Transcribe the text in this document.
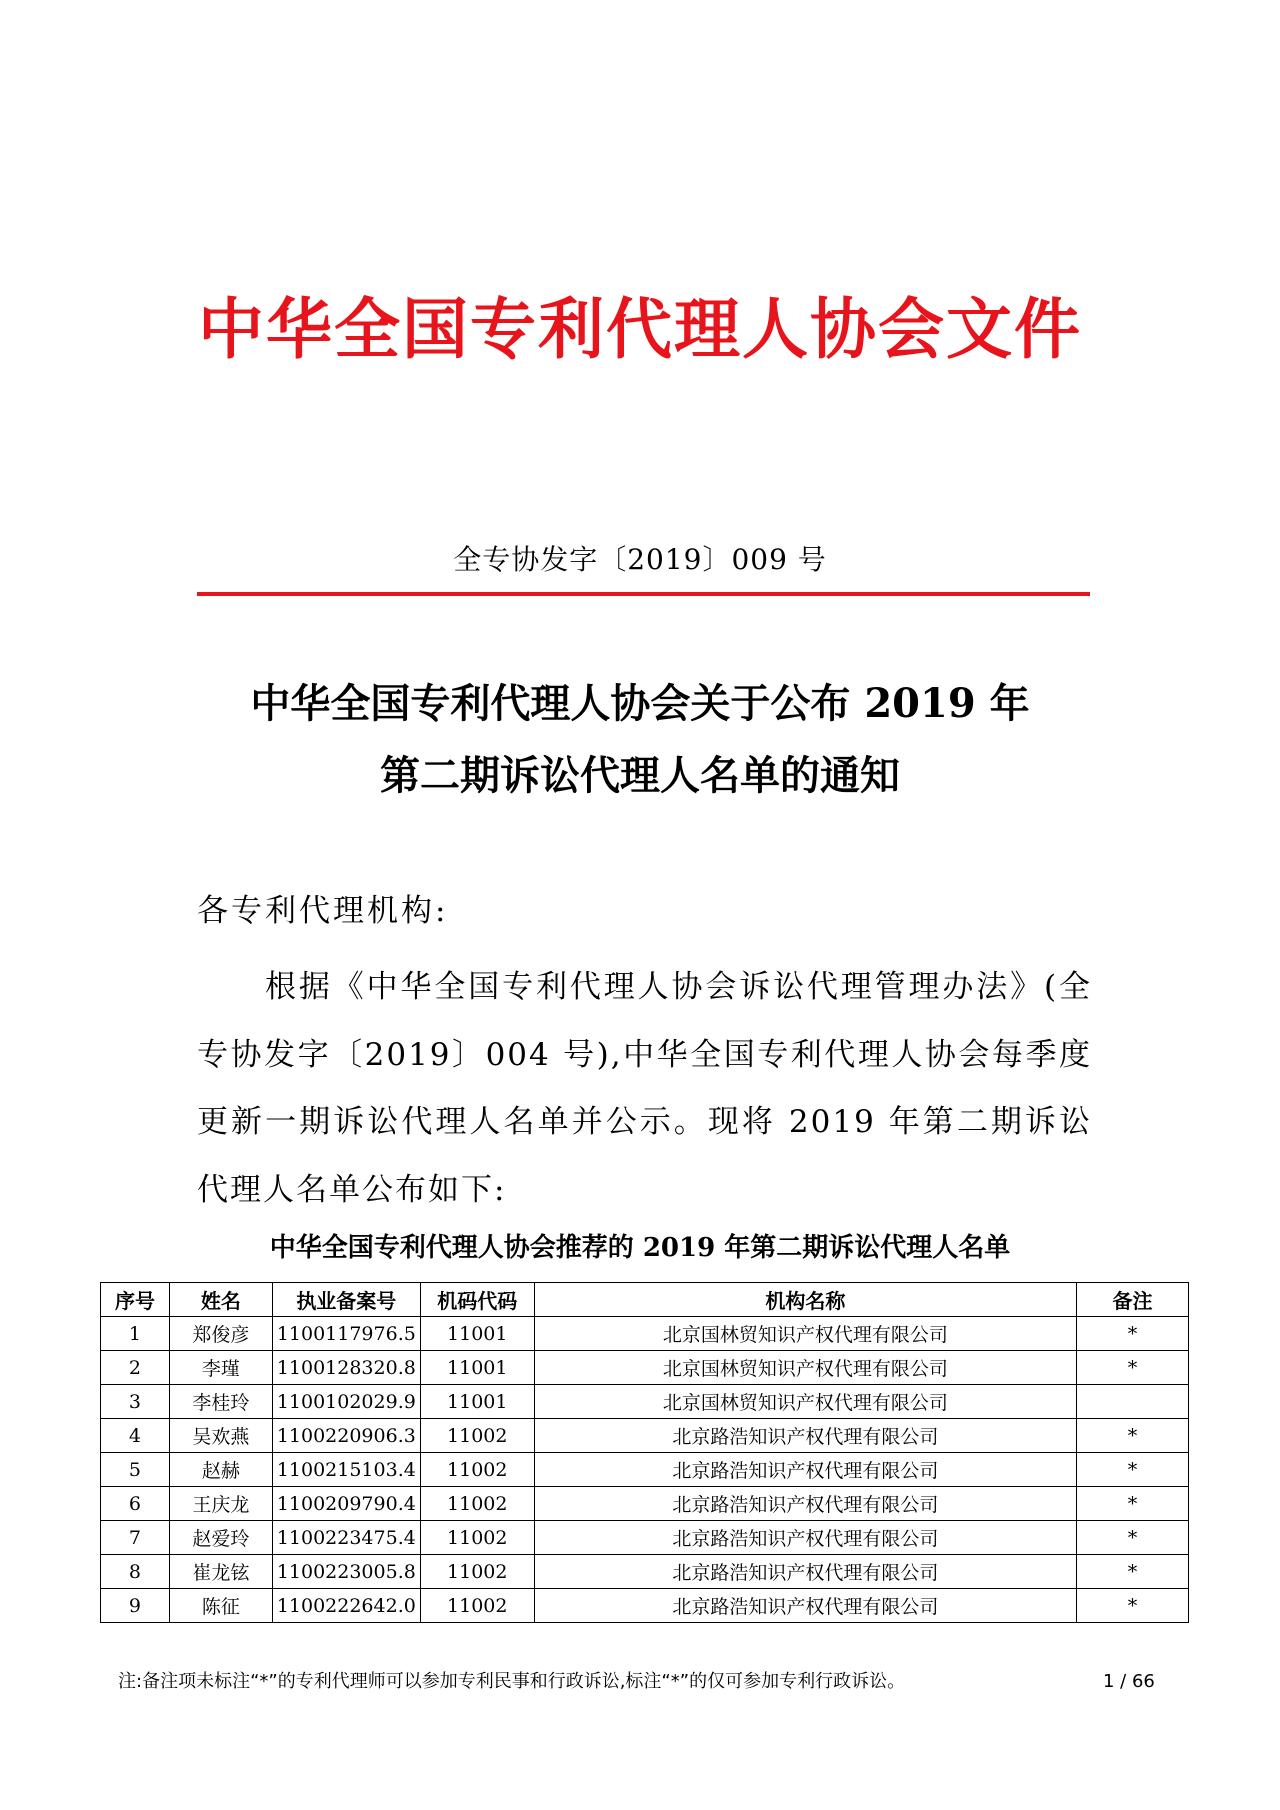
中华全国专利代理人协会文件
全专协发字〔2019〕009 号
中华全国专利代理人协会关于公布 2019 年
第二期诉讼代理人名单的通知
各专利代理机构:
根据《中华全国专利代理人协会诉讼代理管理办法》(全专协发字〔2019〕004 号),中华全国专利代理人协会每季度更新一期诉讼代理人名单并公示。现将 2019 年第二期诉讼代理人名单公布如下:
中华全国专利代理人协会推荐的 2019 年第二期诉讼代理人名单
序号	姓名	执业备案号	机码代码	机构名称	备注
1	郑俊彦	1100117976.5	11001	北京国林贸知识产权代理有限公司	*
2	李瑾	1100128320.8	11001	北京国林贸知识产权代理有限公司	*
3	李桂玲	1100102029.9	11001	北京国林贸知识产权代理有限公司	
4	吴欢燕	1100220906.3	11002	北京路浩知识产权代理有限公司	*
5	赵赫	1100215103.4	11002	北京路浩知识产权代理有限公司	*
6	王庆龙	1100209790.4	11002	北京路浩知识产权代理有限公司	*
7	赵爱玲	1100223475.4	11002	北京路浩知识产权代理有限公司	*
8	崔龙铉	1100223005.8	11002	北京路浩知识产权代理有限公司	*
9	陈征	1100222642.0	11002	北京路浩知识产权代理有限公司	*
注:备注项未标注“*”的专利代理师可以参加专利民事和行政诉讼,标注“*”的仅可参加专利行政诉讼。	1 / 66
